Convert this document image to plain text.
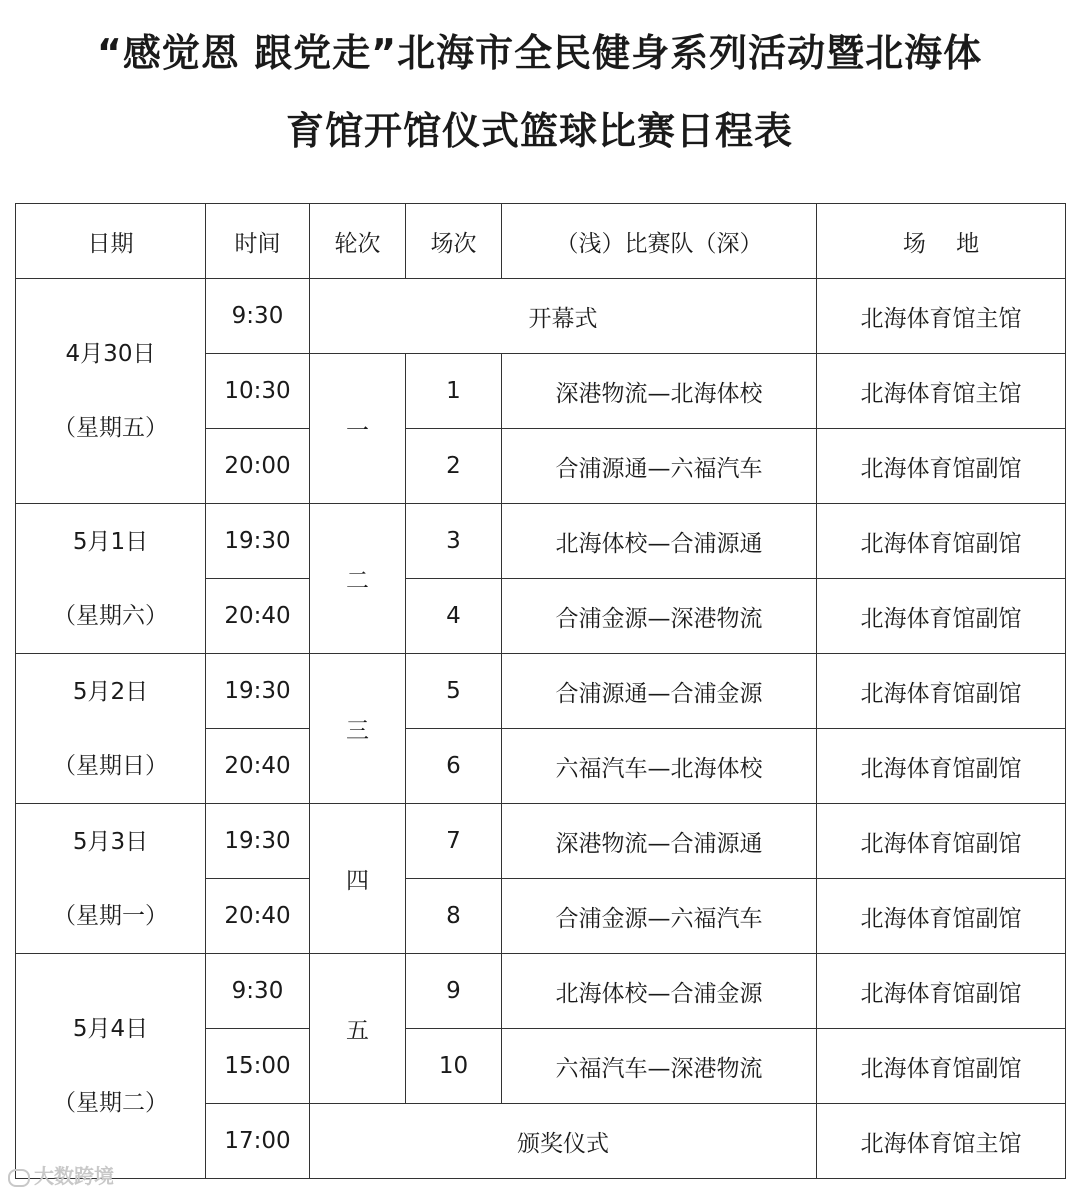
“感觉恩 跟党走”北海市全民健身系列活动暨北海体
育馆开馆仪式篮球比赛日程表
日期	时间	轮次	场次	（浅）比赛队（深）	场　 地

4月30日
（星期五）	9:30	开幕式			北海体育馆主馆
	10:30	一	1	深港物流—北海体校	北海体育馆主馆
	20:00		2	合浦源通—六福汽车	北海体育馆副馆

5月1日
（星期六）	19:30	二	3	北海体校—合浦源通	北海体育馆副馆
	20:40		4	合浦金源—深港物流	北海体育馆副馆

5月2日
（星期日）	19:30	三	5	合浦源通—合浦金源	北海体育馆副馆
	20:40		6	六福汽车—北海体校	北海体育馆副馆

5月3日
（星期一）	19:30	四	7	深港物流—合浦源通	北海体育馆副馆
	20:40		8	合浦金源—六福汽车	北海体育馆副馆

5月4日
（星期二）	9:30	五	9	北海体校—合浦金源	北海体育馆副馆
	15:00		10	六福汽车—深港物流	北海体育馆副馆
	17:00	颁奖仪式			北海体育馆主馆
大数跨境
